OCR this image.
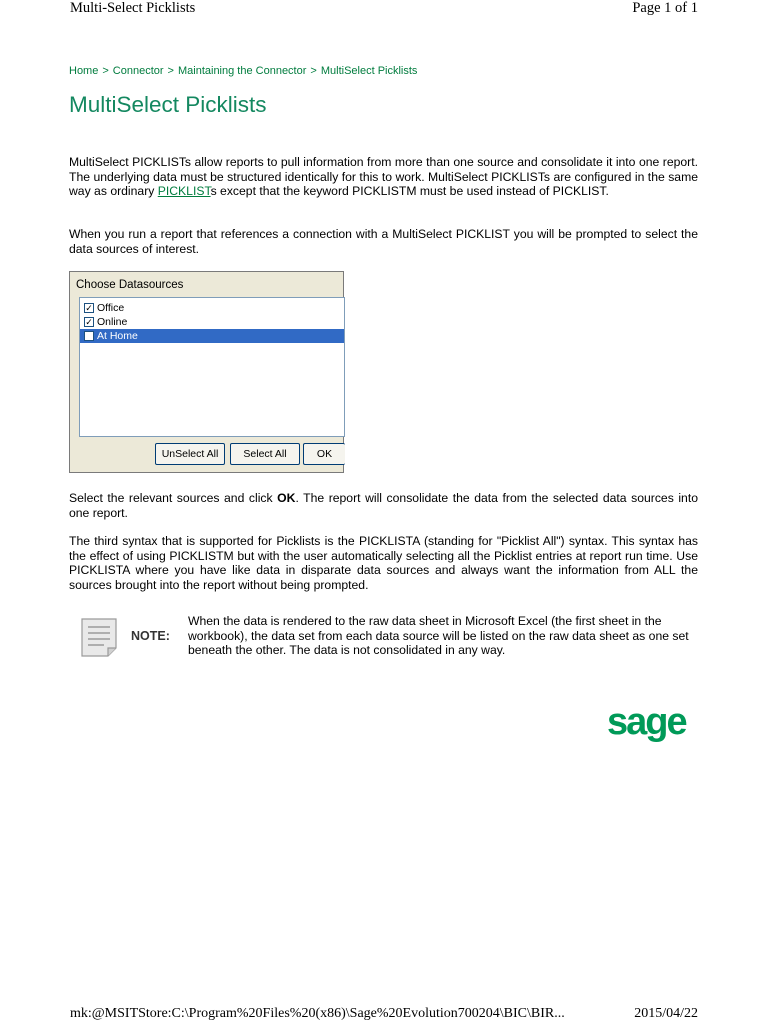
Multi-Select Picklists	Page 1 of 1
Home > Connector > Maintaining the Connector > MultiSelect Picklists
MultiSelect Picklists

MultiSelect PICKLISTs allow reports to pull information from more than one source and consolidate it into one report. The underlying data must be structured identically for this to work. MultiSelect PICKLISTs are configured in the same way as ordinary PICKLISTs except that the keyword PICKLISTM must be used instead of PICKLIST.

When you run a report that references a connection with a MultiSelect PICKLIST you will be prompted to select the data sources of interest.

Choose Datasources
✓ Office
✓ Online
At Home
UnSelect All	Select All	OK

Select the relevant sources and click OK. The report will consolidate the data from the selected data sources into one report.

The third syntax that is supported for Picklists is the PICKLISTA (standing for "Picklist All") syntax. This syntax has the effect of using PICKLISTM but with the user automatically selecting all the Picklist entries at report run time. Use PICKLISTA where you have like data in disparate data sources and always want the information from ALL the sources brought into the report without being prompted.

NOTE:

When the data is rendered to the raw data sheet in Microsoft Excel (the first sheet in the workbook), the data set from each data source will be listed on the raw data sheet as one set beneath the other. The data is not consolidated in any way.

sage
mk:@MSITStore:C:\Program%20Files%20(x86)\Sage%20Evolution700204\BIC\BIR...	2015/04/22
